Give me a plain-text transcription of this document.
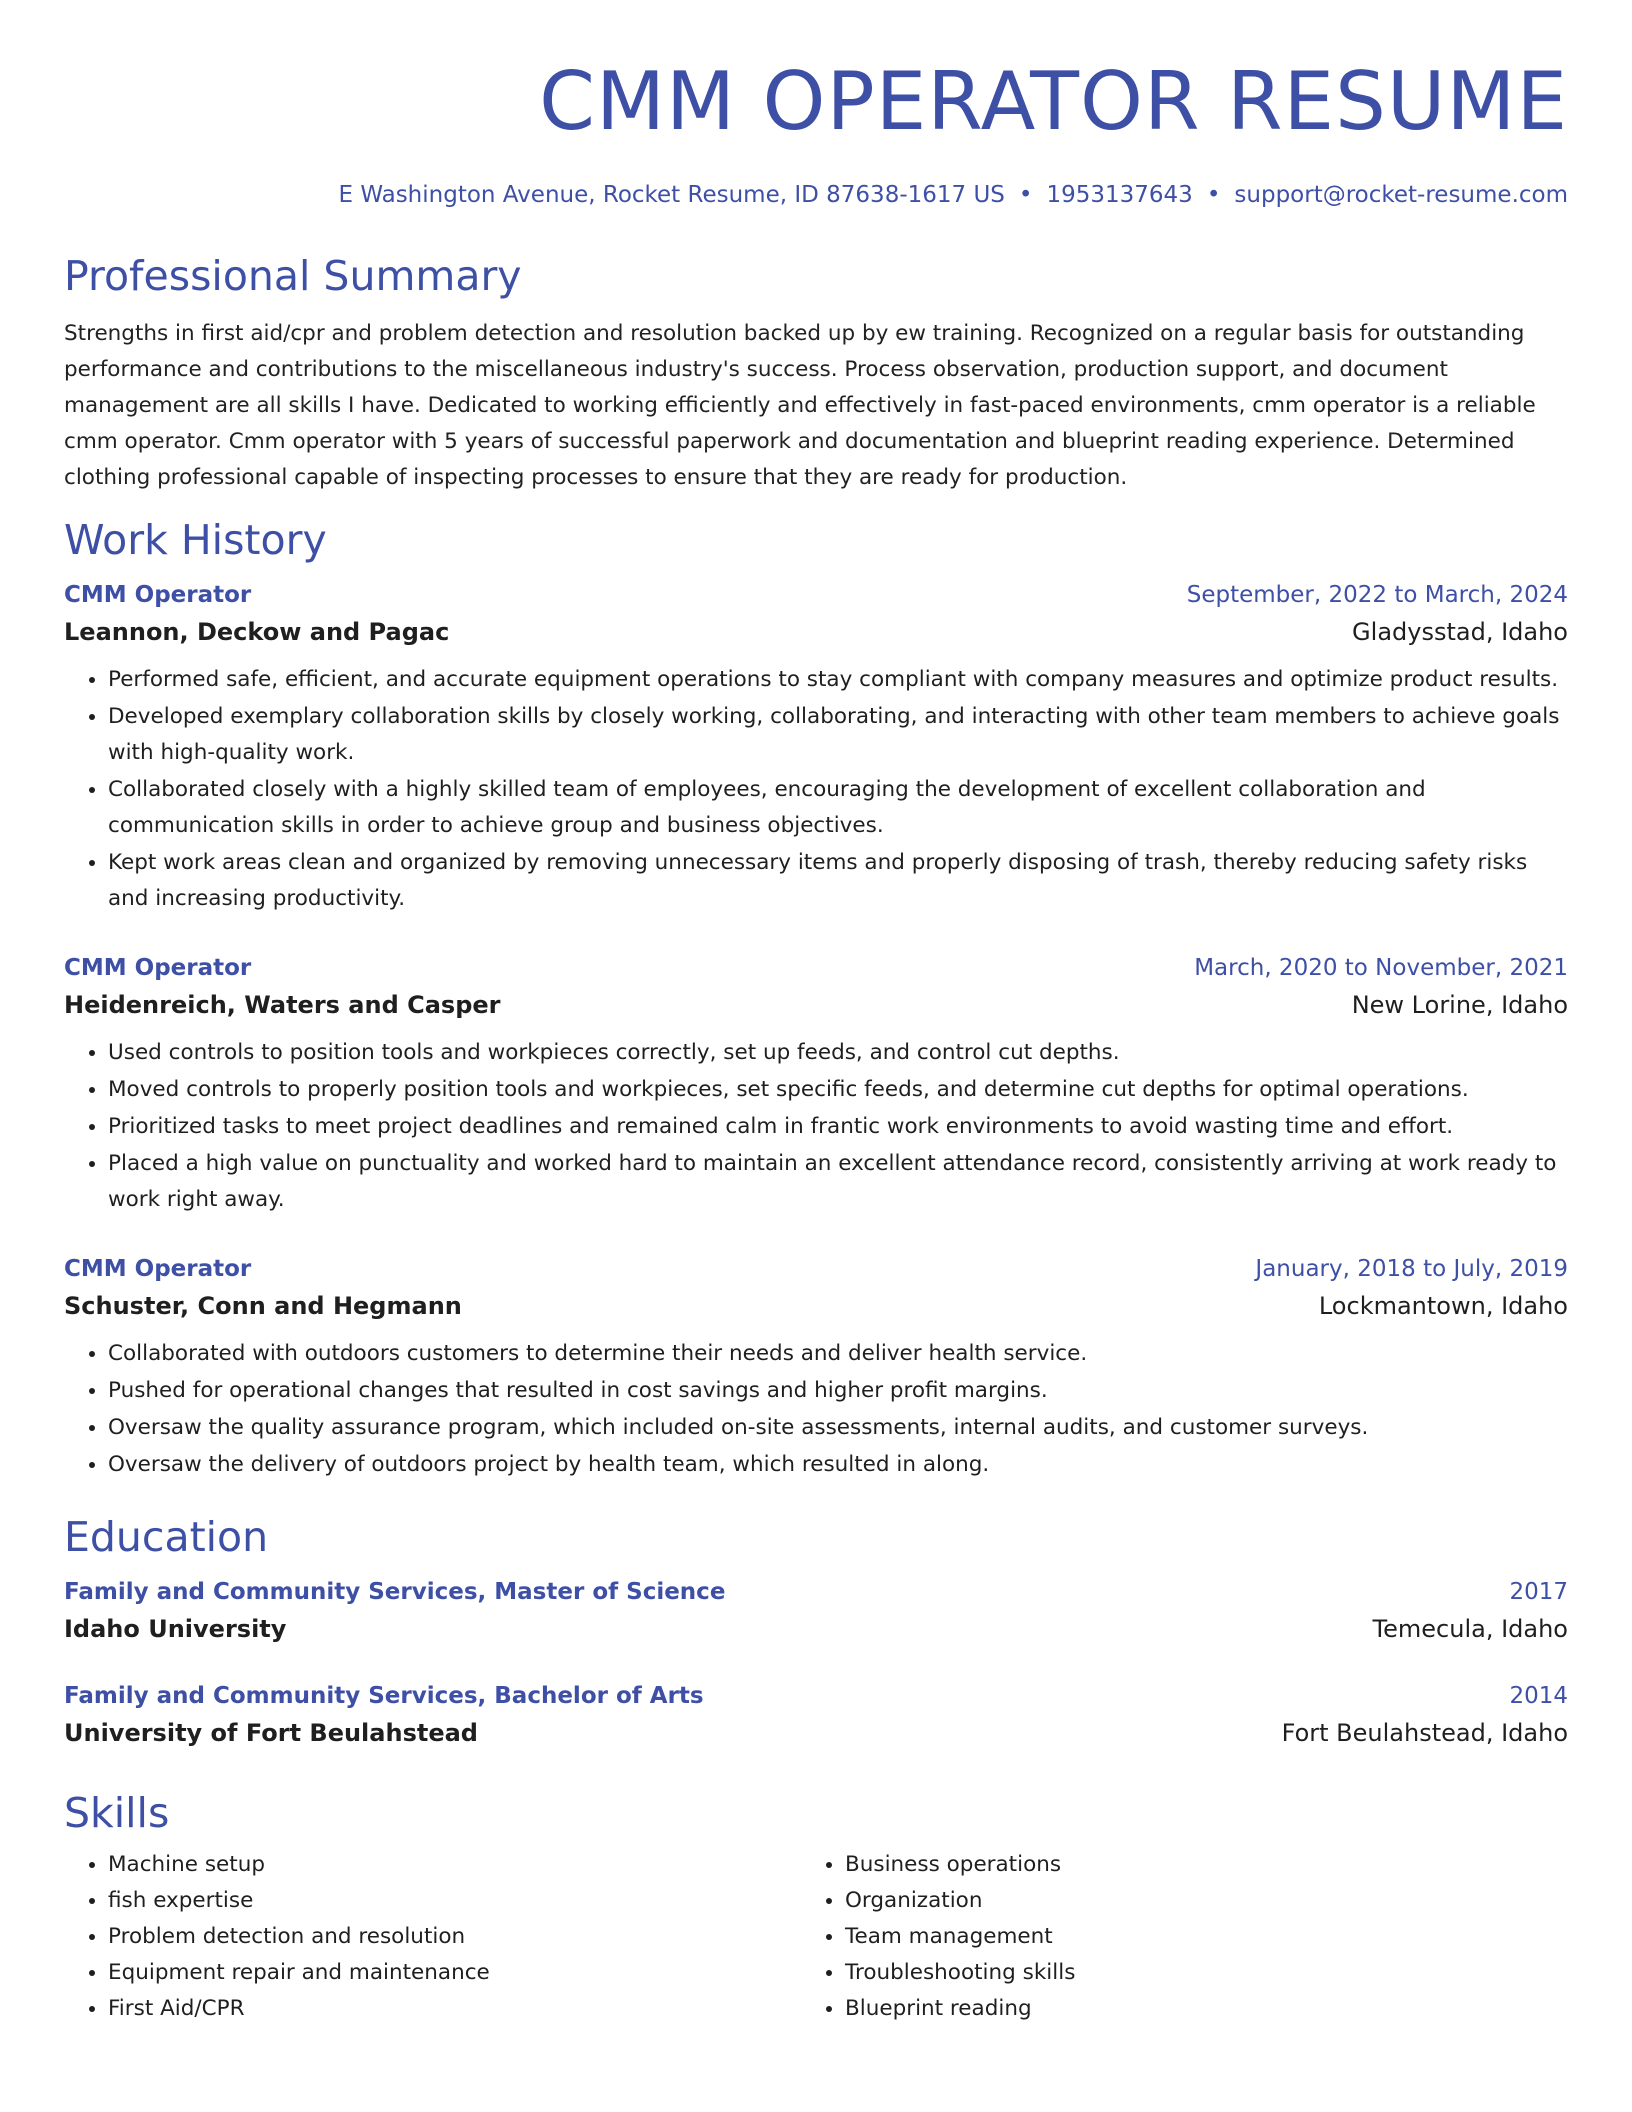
CMM OPERATOR RESUME
E Washington Avenue, Rocket Resume, ID 87638-1617 US • 1953137643 • support@rocket-resume.com
Professional Summary
Strengths in first aid/cpr and problem detection and resolution backed up by ew training. Recognized on a regular basis for outstanding performance and contributions to the miscellaneous industry's success. Process observation, production support, and document management are all skills I have. Dedicated to working efficiently and effectively in fast-paced environments, cmm operator is a reliable cmm operator. Cmm operator with 5 years of successful paperwork and documentation and blueprint reading experience. Determined clothing professional capable of inspecting processes to ensure that they are ready for production.
Work History
CMM Operator	September, 2022 to March, 2024
Leannon, Deckow and Pagac	Gladysstad, Idaho
• Performed safe, efficient, and accurate equipment operations to stay compliant with company measures and optimize product results.
• Developed exemplary collaboration skills by closely working, collaborating, and interacting with other team members to achieve goals with high-quality work.
• Collaborated closely with a highly skilled team of employees, encouraging the development of excellent collaboration and communication skills in order to achieve group and business objectives.
• Kept work areas clean and organized by removing unnecessary items and properly disposing of trash, thereby reducing safety risks and increasing productivity.
CMM Operator	March, 2020 to November, 2021
Heidenreich, Waters and Casper	New Lorine, Idaho
• Used controls to position tools and workpieces correctly, set up feeds, and control cut depths.
• Moved controls to properly position tools and workpieces, set specific feeds, and determine cut depths for optimal operations.
• Prioritized tasks to meet project deadlines and remained calm in frantic work environments to avoid wasting time and effort.
• Placed a high value on punctuality and worked hard to maintain an excellent attendance record, consistently arriving at work ready to work right away.
CMM Operator	January, 2018 to July, 2019
Schuster, Conn and Hegmann	Lockmantown, Idaho
• Collaborated with outdoors customers to determine their needs and deliver health service.
• Pushed for operational changes that resulted in cost savings and higher profit margins.
• Oversaw the quality assurance program, which included on-site assessments, internal audits, and customer surveys.
• Oversaw the delivery of outdoors project by health team, which resulted in along.
Education
Family and Community Services, Master of Science	2017
Idaho University	Temecula, Idaho
Family and Community Services, Bachelor of Arts	2014
University of Fort Beulahstead	Fort Beulahstead, Idaho
Skills
• Machine setup
• fish expertise
• Problem detection and resolution
• Equipment repair and maintenance
• First Aid/CPR
• Business operations
• Organization
• Team management
• Troubleshooting skills
• Blueprint reading
